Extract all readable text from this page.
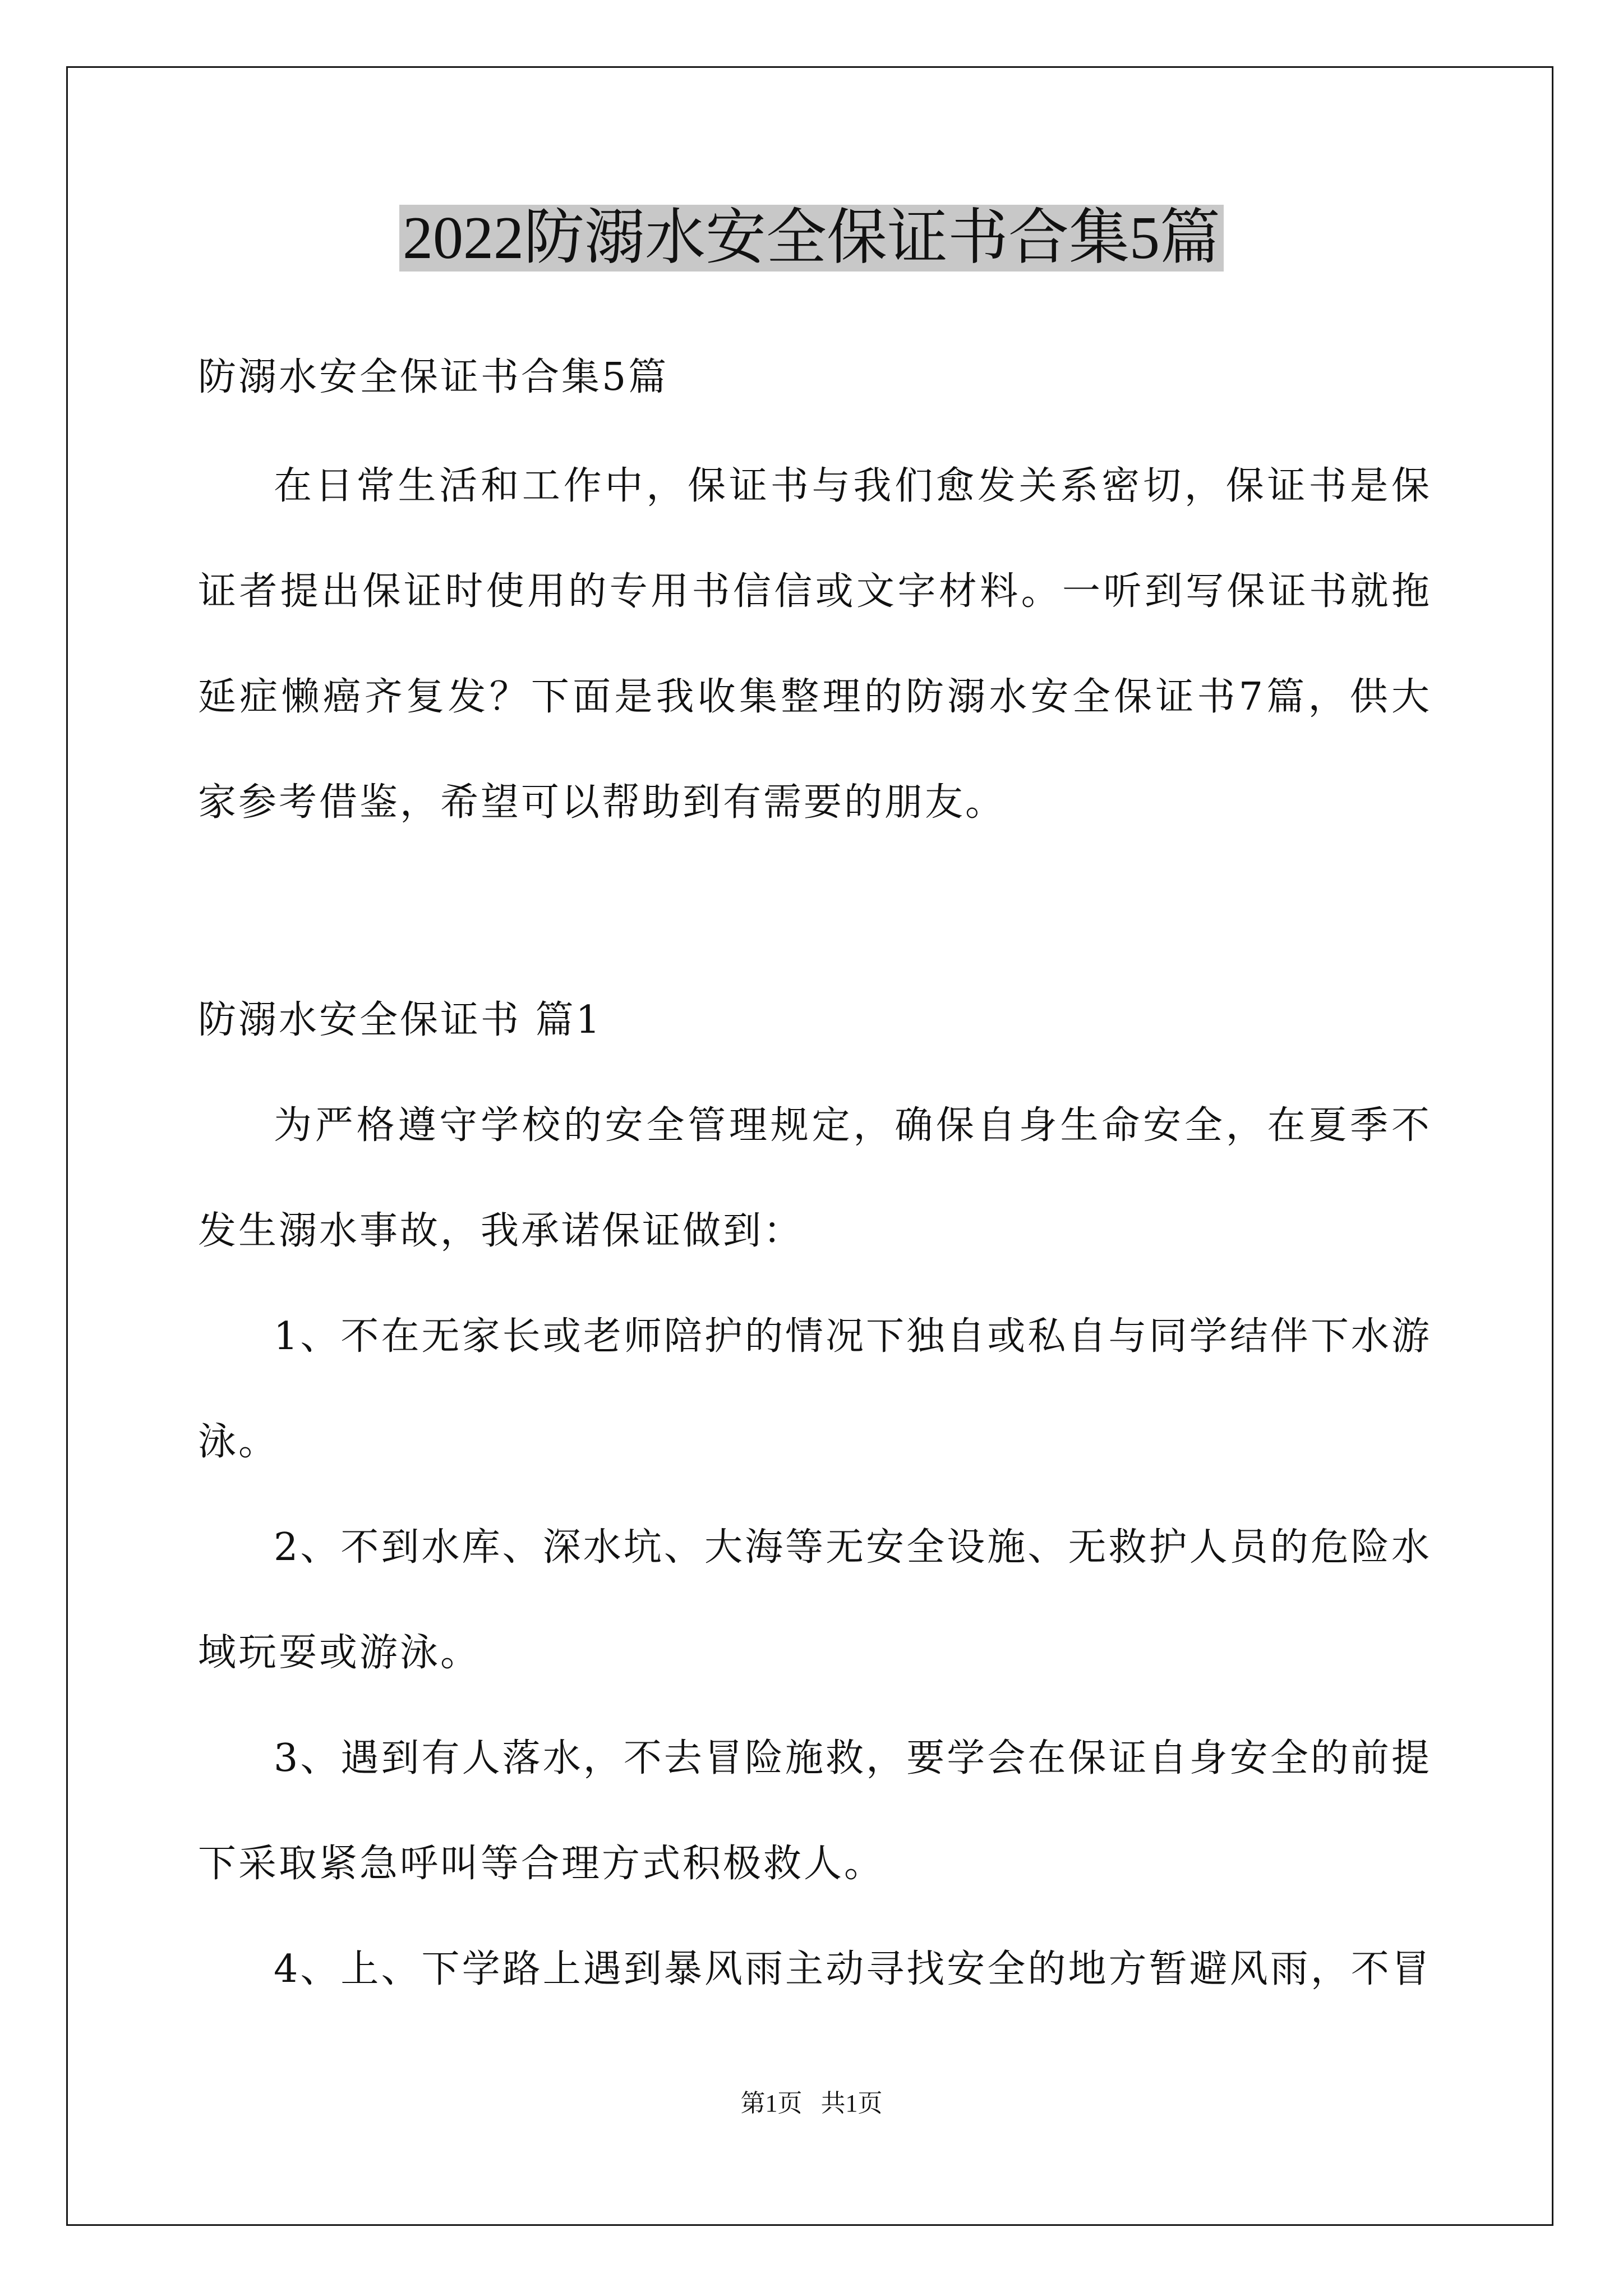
2022防溺水安全保证书合集5篇
防溺水安全保证书合集5篇
在日常生活和工作中，保证书与我们愈发关系密切，保证书是保
证者提出保证时使用的专用书信信或文字材料。一听到写保证书就拖
延症懒癌齐复发？下面是我收集整理的防溺水安全保证书7篇，供大
家参考借鉴，希望可以帮助到有需要的朋友。
防溺水安全保证书 篇1
为严格遵守学校的安全管理规定，确保自身生命安全，在夏季不
发生溺水事故，我承诺保证做到：
1、不在无家长或老师陪护的情况下独自或私自与同学结伴下水游
泳。
2、不到水库、深水坑、大海等无安全设施、无救护人员的危险水
域玩耍或游泳。
3、遇到有人落水，不去冒险施救，要学会在保证自身安全的前提
下采取紧急呼叫等合理方式积极救人。
4、上、下学路上遇到暴风雨主动寻找安全的地方暂避风雨，不冒
第1页   共1页
